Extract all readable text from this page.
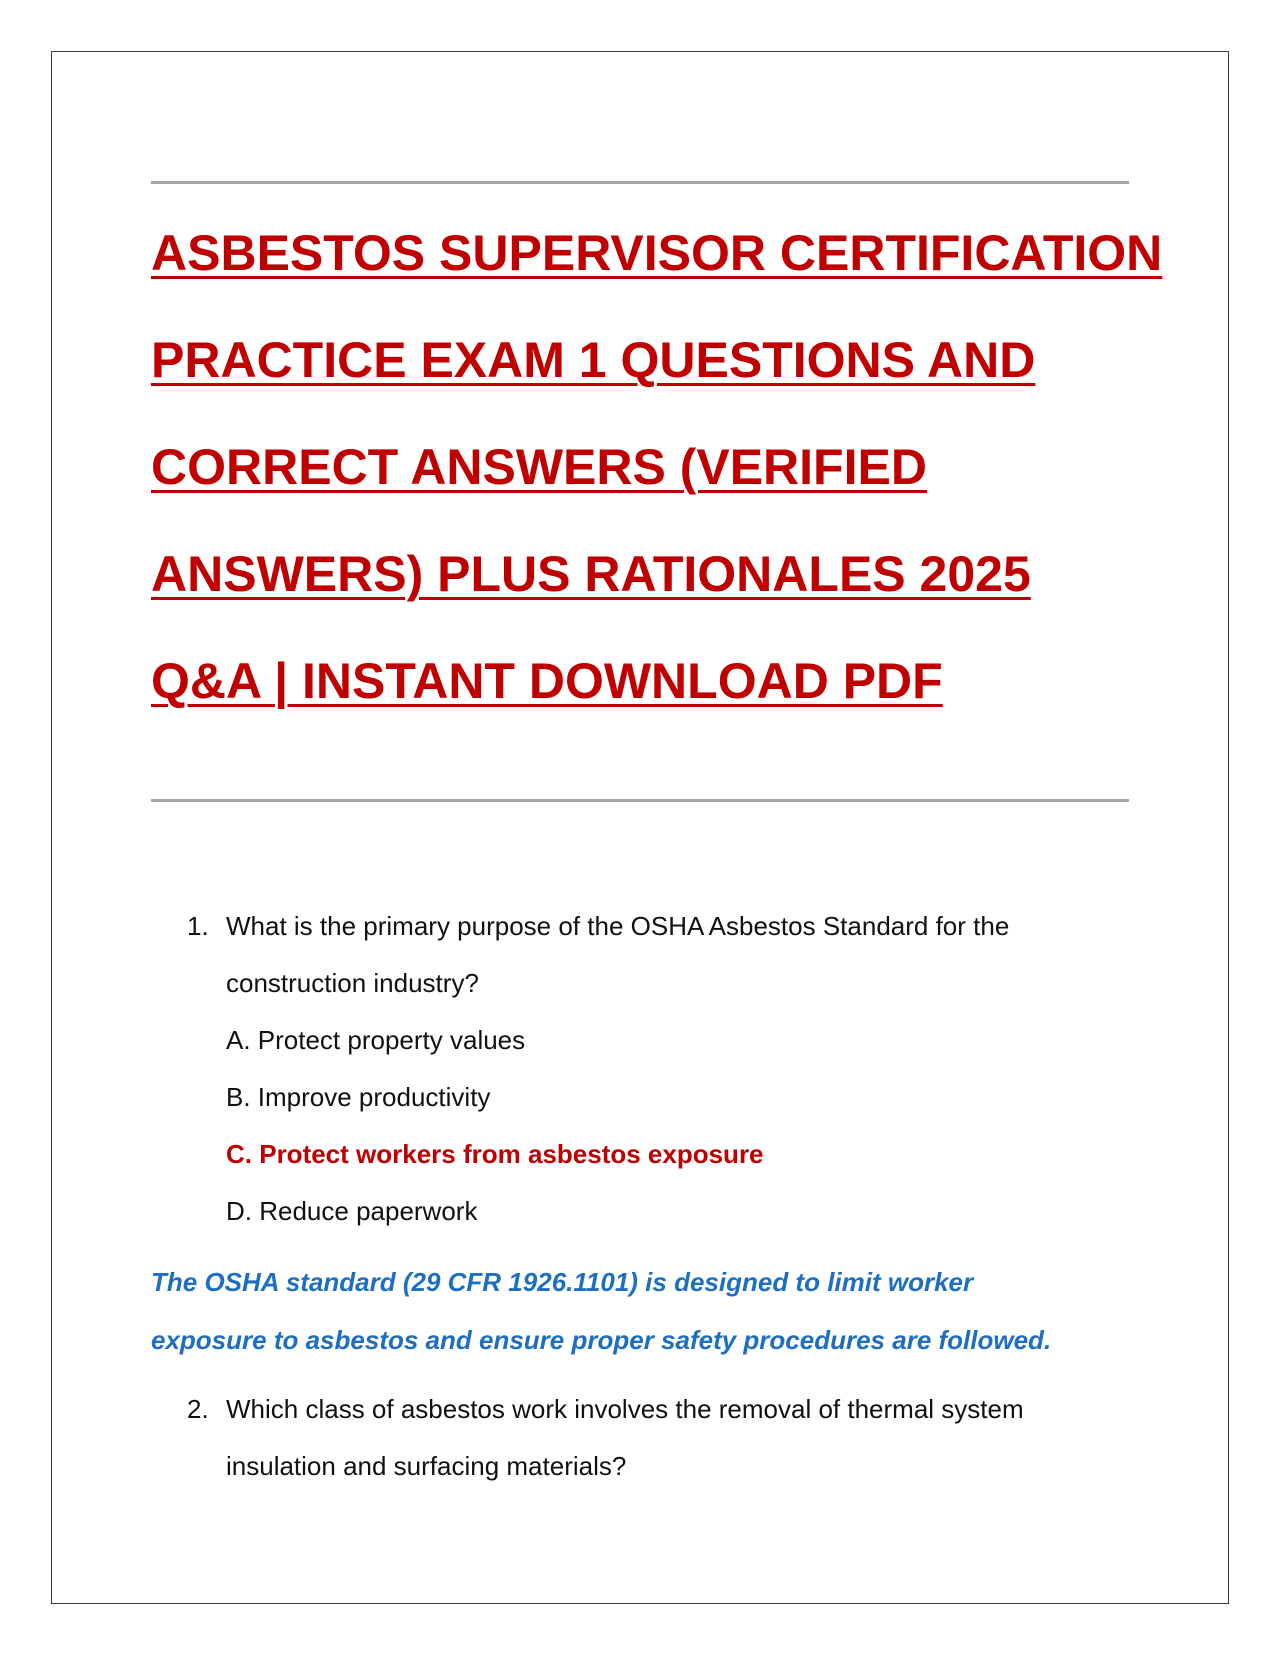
ASBESTOS SUPERVISOR CERTIFICATION
PRACTICE EXAM 1 QUESTIONS AND
CORRECT ANSWERS (VERIFIED
ANSWERS) PLUS RATIONALES 2025
Q&A | INSTANT DOWNLOAD PDF
1. What is the primary purpose of the OSHA Asbestos Standard for the
construction industry?
A. Protect property values
B. Improve productivity
C. Protect workers from asbestos exposure
D. Reduce paperwork
The OSHA standard (29 CFR 1926.1101) is designed to limit worker
exposure to asbestos and ensure proper safety procedures are followed.
2. Which class of asbestos work involves the removal of thermal system
insulation and surfacing materials?
